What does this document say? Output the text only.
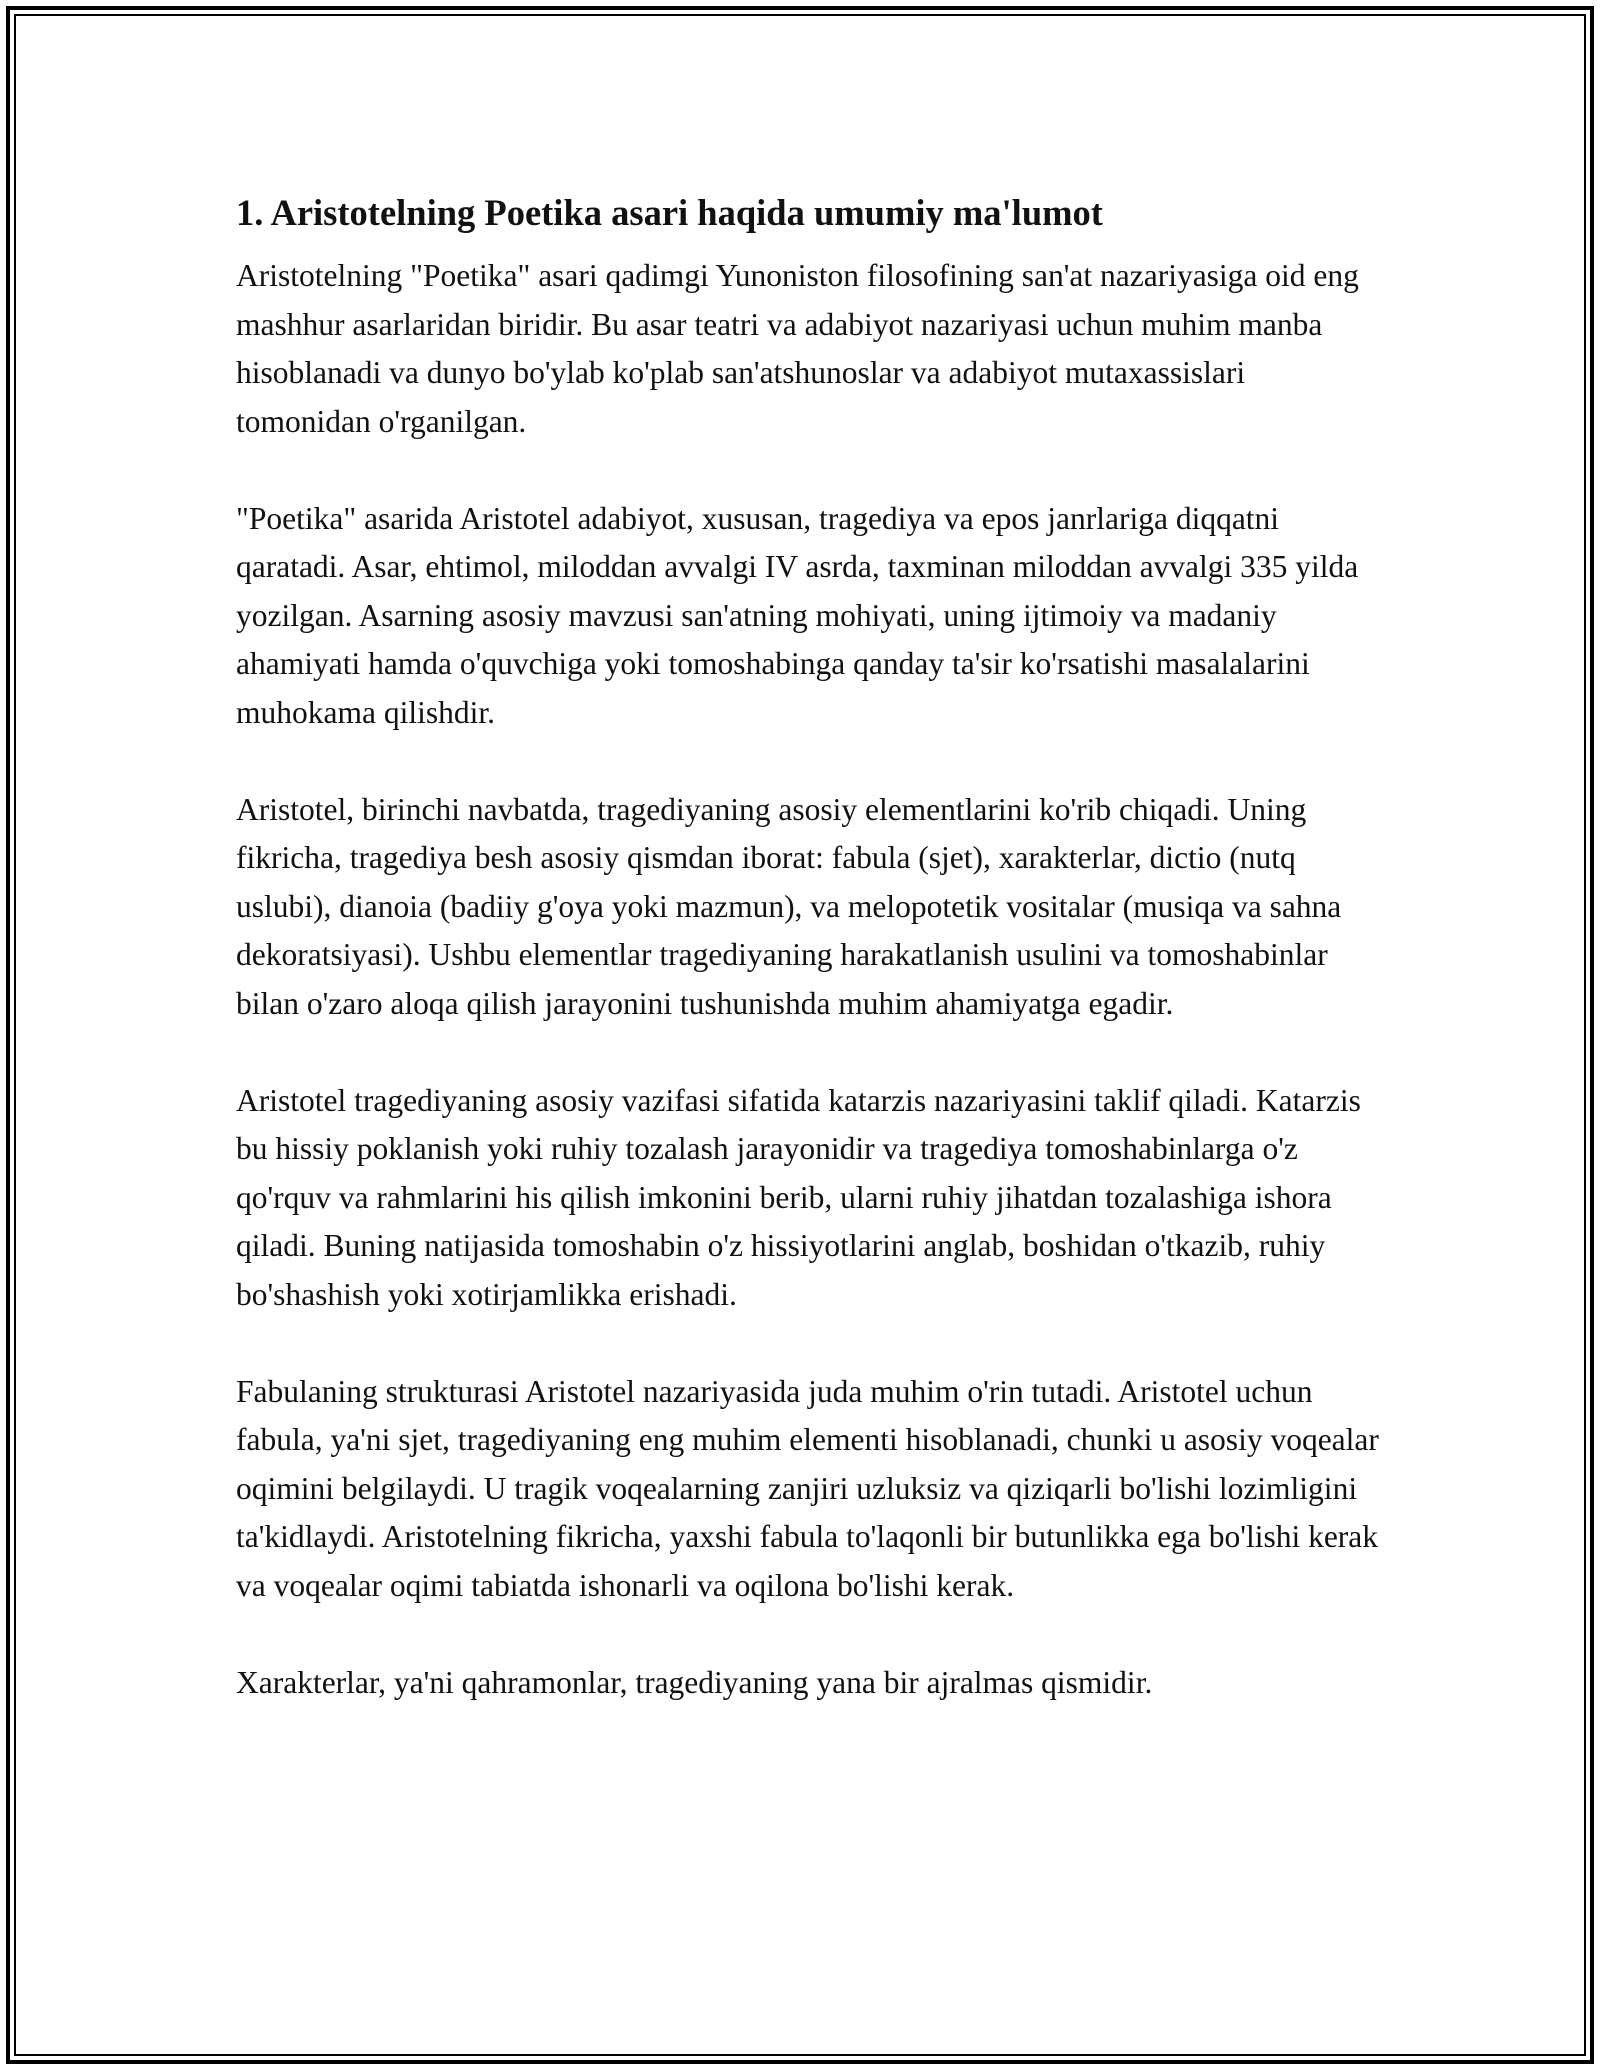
1. Aristotelning Poetika asari haqida umumiy ma'lumot

Aristotelning "Poetika" asari qadimgi Yunoniston filosofining san'at nazariyasiga oid eng mashhur asarlaridan biridir. Bu asar teatri va adabiyot nazariyasi uchun muhim manba hisoblanadi va dunyo bo'ylab ko'plab san'atshunoslar va adabiyot mutaxassislari tomonidan o'rganilgan.

"Poetika" asarida Aristotel adabiyot, xususan, tragediya va epos janrlariga diqqatni qaratadi. Asar, ehtimol, miloddan avvalgi IV asrda, taxminan miloddan avvalgi 335 yilda yozilgan. Asarning asosiy mavzusi san'atning mohiyati, uning ijtimoiy va madaniy ahamiyati hamda o'quvchiga yoki tomoshabinga qanday ta'sir ko'rsatishi masalalarini muhokama qilishdir.

Aristotel, birinchi navbatda, tragediyaning asosiy elementlarini ko'rib chiqadi. Uning fikricha, tragediya besh asosiy qismdan iborat: fabula (sjet), xarakterlar, dictio (nutq uslubi), dianoia (badiiy g'oya yoki mazmun), va melopotetik vositalar (musiqa va sahna dekoratsiyasi). Ushbu elementlar tragediyaning harakatlanish usulini va tomoshabinlar bilan o'zaro aloqa qilish jarayonini tushunishda muhim ahamiyatga egadir.

Aristotel tragediyaning asosiy vazifasi sifatida katarzis nazariyasini taklif qiladi. Katarzis bu hissiy poklanish yoki ruhiy tozalash jarayonidir va tragediya tomoshabinlarga o'z qo'rquv va rahmlarini his qilish imkonini berib, ularni ruhiy jihatdan tozalashiga ishora qiladi. Buning natijasida tomoshabin o'z hissiyotlarini anglab, boshidan o'tkazib, ruhiy bo'shashish yoki xotirjamlikka erishadi.

Fabulaning strukturasi Aristotel nazariyasida juda muhim o'rin tutadi. Aristotel uchun fabula, ya'ni sjet, tragediyaning eng muhim elementi hisoblanadi, chunki u asosiy voqealar oqimini belgilaydi. U tragik voqealarning zanjiri uzluksiz va qiziqarli bo'lishi lozimligini ta'kidlaydi. Aristotelning fikricha, yaxshi fabula to'laqonli bir butunlikka ega bo'lishi kerak va voqealar oqimi tabiatda ishonarli va oqilona bo'lishi kerak.

Xarakterlar, ya'ni qahramonlar, tragediyaning yana bir ajralmas qismidir.
